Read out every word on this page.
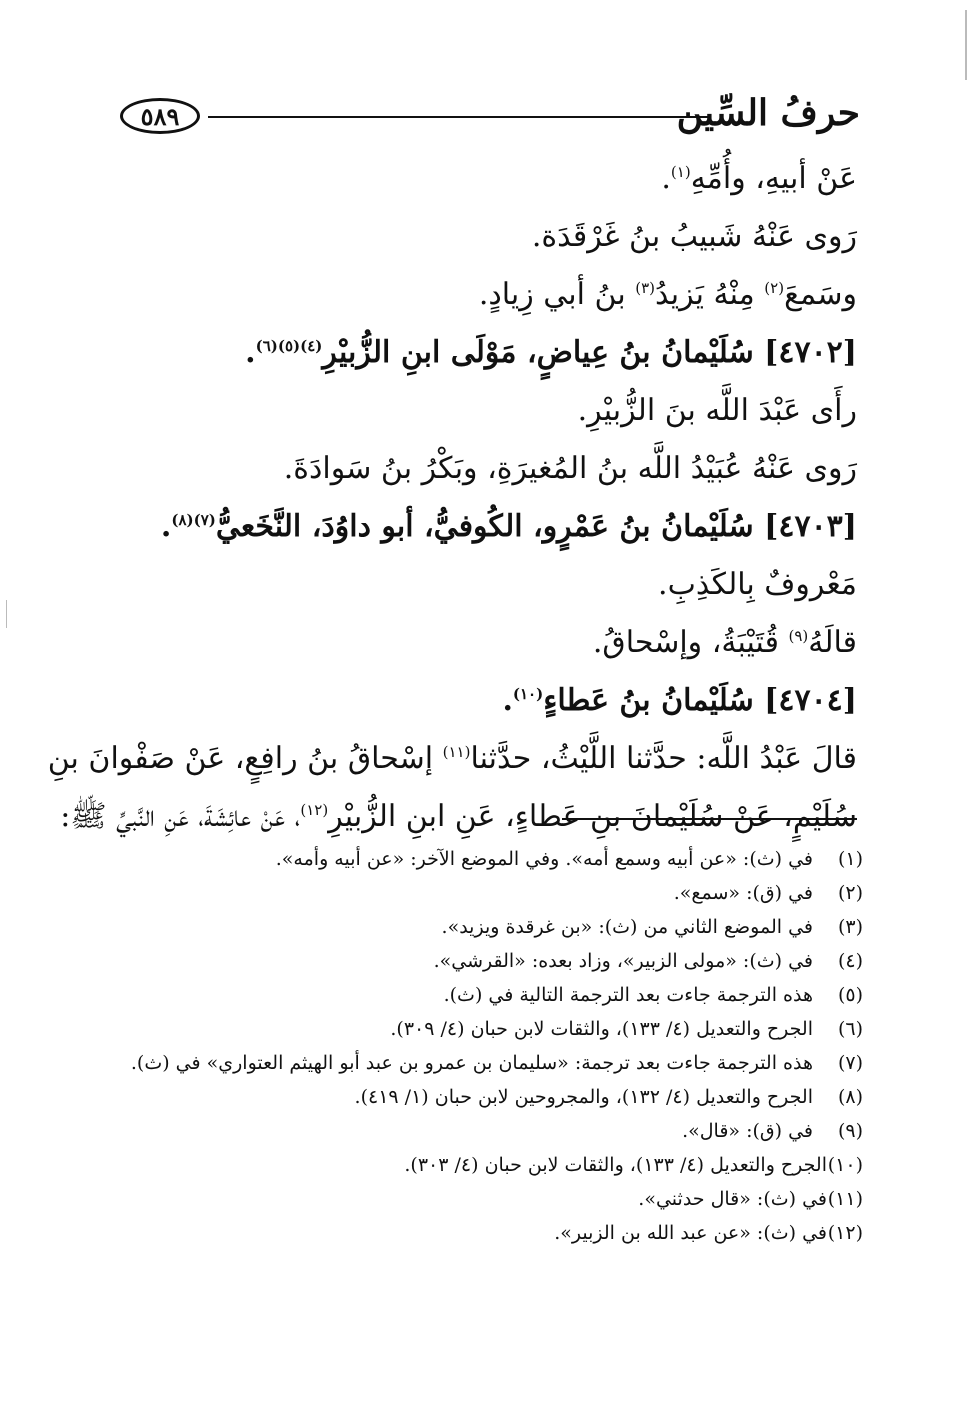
٥٨٩	حرفُ السِّين
عَنْ أبيهِ، وأُمِّهِ$^{(١)}$.
رَوى عَنْهُ شَبيبُ بنُ غَرْقَدَة.
وسَمعَ$^{(٢)}$ مِنْهُ يَزيدُ$^{(٣)}$ بنُ أبي زِيادٍ.
[٤٧٠٢] سُلَيْمانُ بنُ عِياضٍ، مَوْلَى ابنِ الزُّبيْرِ$^{(٤)(٥)(٦)}$.
رأَى عَبْدَ اللَّه بنَ الزُّبيْرِ.
رَوى عَنْهُ عُبَيْدُ اللَّه بنُ المُغيرَةِ، وبَكْرُ بنُ سَوادَةَ.
[٤٧٠٣] سُلَيْمانُ بنُ عَمْرٍو، الكُوفيُّ، أبو داوُدَ، النَّخَعيُّ$^{(٧)(٨)}$.
مَعْروفٌ بِالكَذِبِ.
قالَهُ$^{(٩)}$ قُتَيْبَةُ، وإسْحاقُ.
[٤٧٠٤] سُلَيْمانُ بنُ عَطاءٍ$^{(١٠)}$.
قالَ عَبْدُ اللَّه: حدَّثنا اللَّيْثُ، حدَّثنا$^{(١١)}$ إسْحاقُ بنُ رافِعٍ، عَنْ صَفْوانَ بنِ
سُلَيْمٍ، عَنْ سُلَيْمانَ بنِ عَطاءٍ، عَنِ ابنِ الزُّبيْرِ$^{(١٢)}$، عَنْ عائِشَةَ، عَنِ النَّبيِّ ﷺ:
(١)
في (ث): «عن أبيه وسمع أمه». وفي الموضع الآخر: «عن أبيه وأمه».
(٢)
في (ق): «سمع».
(٣)
في الموضع الثاني من (ث): «بن غرقدة ويزيد».
(٤)
في (ث): «مولى الزبير»، وزاد بعده: «القرشي».
(٥)
هذه الترجمة جاءت بعد الترجمة التالية في (ث).
(٦)
الجرح والتعديل (٤/ ١٣٣)، والثقات لابن حبان (٤/ ٣٠٩).
(٧)
هذه الترجمة جاءت بعد ترجمة: «سليمان بن عمرو بن عبد أبو الهيثم العتواري» في (ث).
(٨)
الجرح والتعديل (٤/ ١٣٢)، والمجروحين لابن حبان (١/ ٤١٩).
(٩)
في (ق): «قال».
(١٠)
الجرح والتعديل (٤/ ١٣٣)، والثقات لابن حبان (٤/ ٣٠٣).
(١١)
في (ث): «قال حدثني».
(١٢)
في (ث): «عن عبد الله بن الزبير».
